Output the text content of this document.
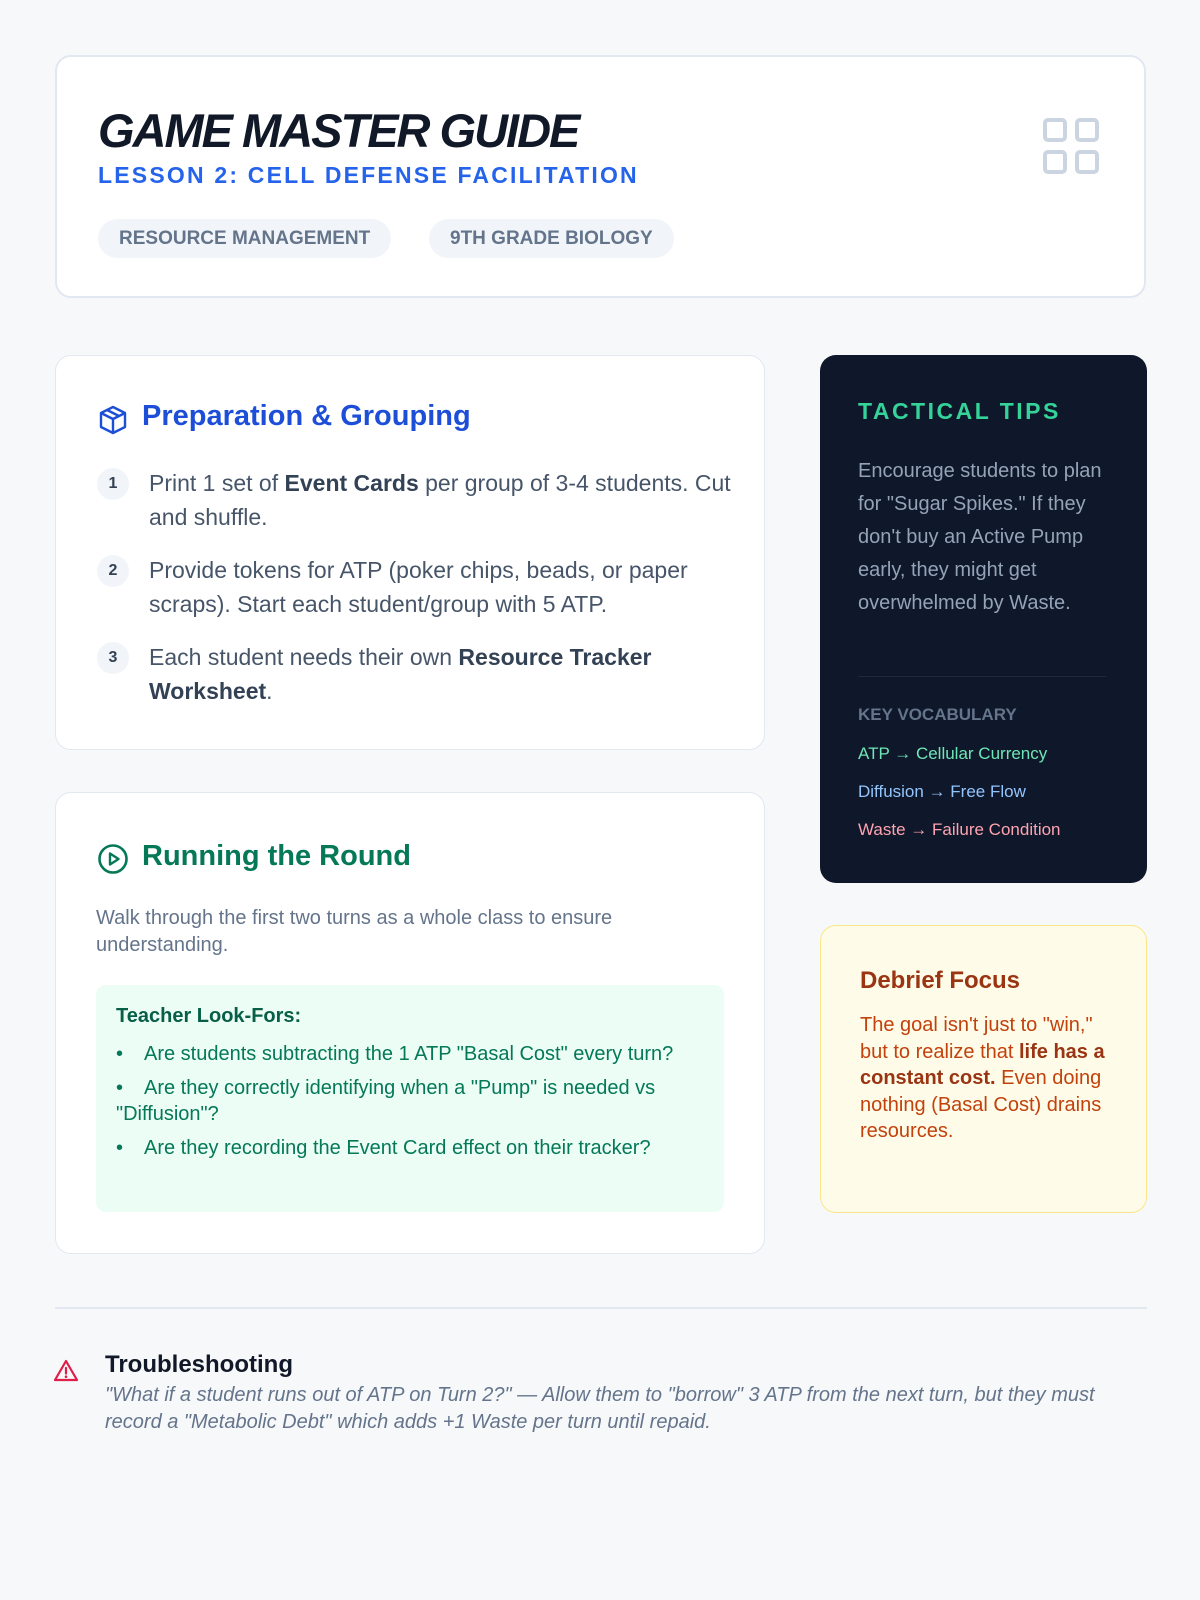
GAME MASTER GUIDE
LESSON 2: CELL DEFENSE FACILITATION
RESOURCE MANAGEMENT	9TH GRADE BIOLOGY
Preparation & Grouping
1	Print 1 set of Event Cards per group of 3-4 students. Cut and shuffle.
2	Provide tokens for ATP (poker chips, beads, or paper scraps). Start each student/group with 5 ATP.
3	Each student needs their own Resource Tracker Worksheet.
Running the Round
Walk through the first two turns as a whole class to ensure understanding.
Teacher Look-Fors:
• Are students subtracting the 1 ATP "Basal Cost" every turn?
• Are they correctly identifying when a "Pump" is needed vs "Diffusion"?
• Are they recording the Event Card effect on their tracker?
TACTICAL TIPS
Encourage students to plan for "Sugar Spikes." If they don't buy an Active Pump early, they might get overwhelmed by Waste.
KEY VOCABULARY
ATP → Cellular Currency
Diffusion → Free Flow
Waste → Failure Condition
Debrief Focus
The goal isn't just to "win," but to realize that life has a constant cost. Even doing nothing (Basal Cost) drains resources.
Troubleshooting
"What if a student runs out of ATP on Turn 2?" — Allow them to "borrow" 3 ATP from the next turn, but they must record a "Metabolic Debt" which adds +1 Waste per turn until repaid.
